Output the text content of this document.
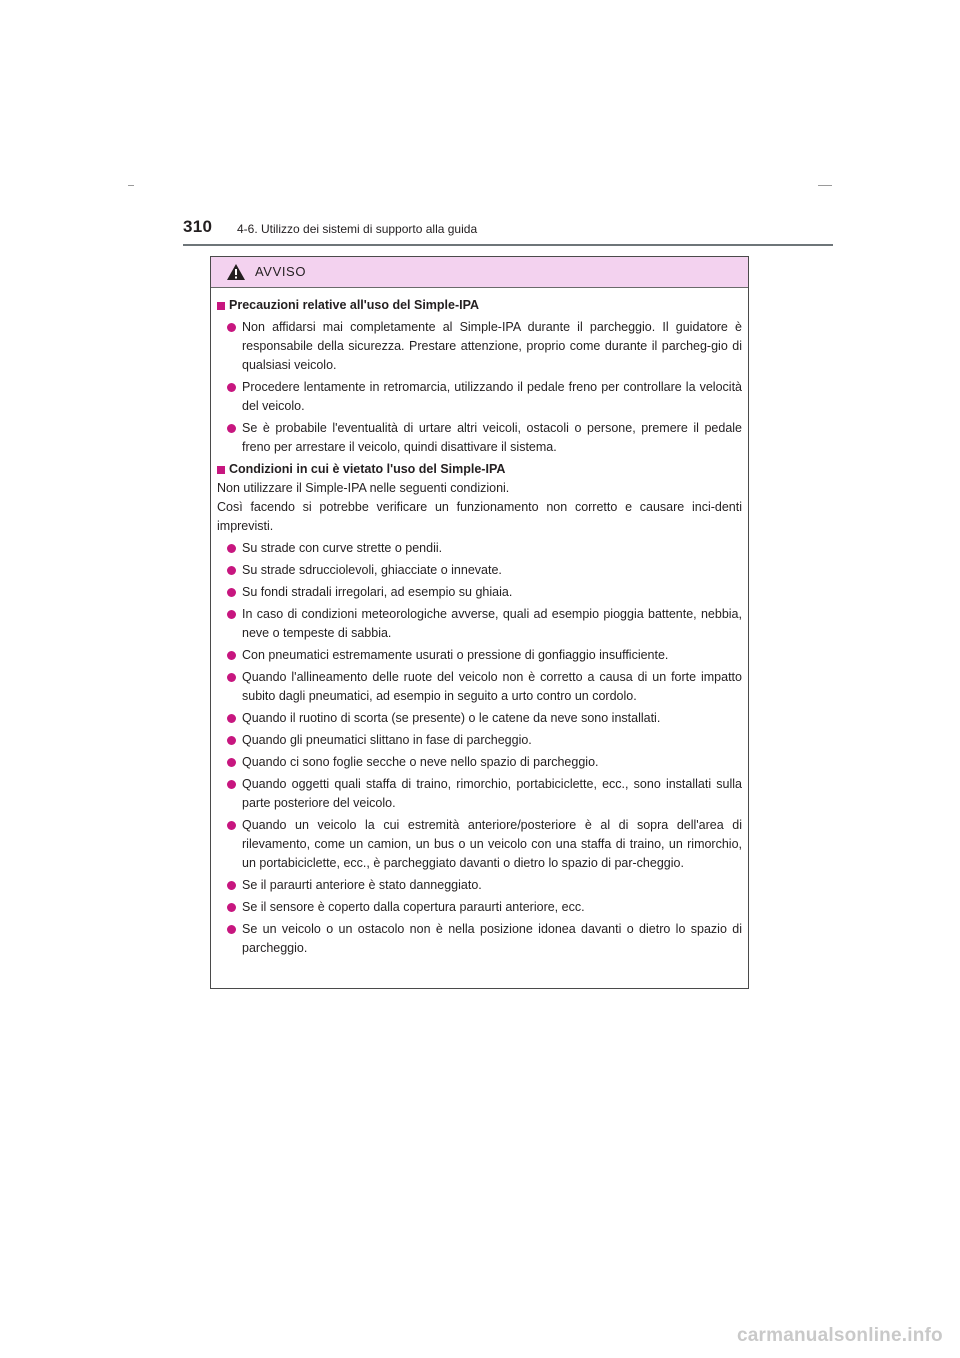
310 4-6. Utilizzo dei sistemi di supporto alla guida
AVVISO
Precauzioni relative all'uso del Simple-IPA
Non affidarsi mai completamente al Simple-IPA durante il parcheggio. Il guidatore è responsabile della sicurezza. Prestare attenzione, proprio come durante il parcheg-gio di qualsiasi veicolo.
Procedere lentamente in retromarcia, utilizzando il pedale freno per controllare la velocità del veicolo.
Se è probabile l'eventualità di urtare altri veicoli, ostacoli o persone, premere il pedale freno per arrestare il veicolo, quindi disattivare il sistema.
Condizioni in cui è vietato l'uso del Simple-IPA
Non utilizzare il Simple-IPA nelle seguenti condizioni.
Così facendo si potrebbe verificare un funzionamento non corretto e causare inci-denti imprevisti.
Su strade con curve strette o pendii.
Su strade sdrucciolevoli, ghiacciate o innevate.
Su fondi stradali irregolari, ad esempio su ghiaia.
In caso di condizioni meteorologiche avverse, quali ad esempio pioggia battente, nebbia, neve o tempeste di sabbia.
Con pneumatici estremamente usurati o pressione di gonfiaggio insufficiente.
Quando l'allineamento delle ruote del veicolo non è corretto a causa di un forte impatto subito dagli pneumatici, ad esempio in seguito a urto contro un cordolo.
Quando il ruotino di scorta (se presente) o le catene da neve sono installati.
Quando gli pneumatici slittano in fase di parcheggio.
Quando ci sono foglie secche o neve nello spazio di parcheggio.
Quando oggetti quali staffa di traino, rimorchio, portabiciclette, ecc., sono installati sulla parte posteriore del veicolo.
Quando un veicolo la cui estremità anteriore/posteriore è al di sopra dell'area di rilevamento, come un camion, un bus o un veicolo con una staffa di traino, un rimorchio, un portabiciclette, ecc., è parcheggiato davanti o dietro lo spazio di par-cheggio.
Se il paraurti anteriore è stato danneggiato.
Se il sensore è coperto dalla copertura paraurti anteriore, ecc.
Se un veicolo o un ostacolo non è nella posizione idonea davanti o dietro lo spazio di parcheggio.
carmanualsonline.info
